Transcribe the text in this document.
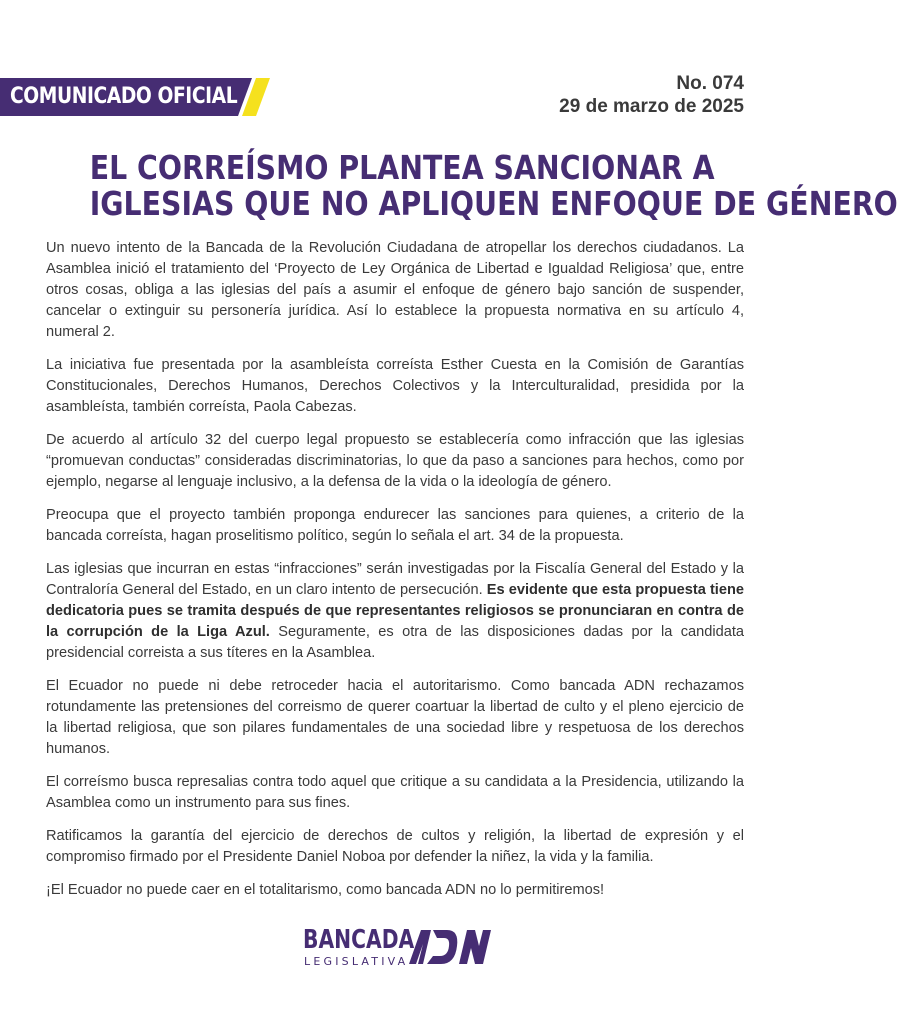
COMUNICADO OFICIAL
No. 074
29 de marzo de 2025
EL CORREÍSMO PLANTEA SANCIONAR A
IGLESIAS QUE NO APLIQUEN ENFOQUE DE GÉNERO

Un nuevo intento de la Bancada de la Revolución Ciudadana de atropellar los derechos ciudadanos. La Asamblea inició el tratamiento del ‘Proyecto de Ley Orgánica de Libertad e Igualdad Religiosa’ que, entre otros cosas, obliga a las iglesias del país a asumir el enfoque de género bajo sanción de suspender, cancelar o extinguir su personería jurídica. Así lo establece la propuesta normativa en su artículo 4, numeral 2.

La iniciativa fue presentada por la asambleísta correísta Esther Cuesta en la Comisión de Garantías Constitucionales, Derechos Humanos, Derechos Colectivos y la Interculturalidad, presidida por la asambleísta, también correísta, Paola Cabezas.

De acuerdo al artículo 32 del cuerpo legal propuesto se establecería como infracción que las iglesias “promuevan conductas” consideradas discriminatorias, lo que da paso a sanciones para hechos, como por ejemplo, negarse al lenguaje inclusivo, a la defensa de la vida o la ideología de género.

Preocupa que el proyecto también proponga endurecer las sanciones para quienes, a criterio de la bancada correísta, hagan proselitismo político, según lo señala el art. 34 de la propuesta.

Las iglesias que incurran en estas “infracciones” serán investigadas por la Fiscalía General del Estado y la Contraloría General del Estado, en un claro intento de persecución. Es evidente que esta propuesta tiene dedicatoria pues se tramita después de que representantes religiosos se pronunciaran en contra de la corrupción de la Liga Azul. Seguramente, es otra de las disposiciones dadas por la candidata presidencial correista a sus títeres en la Asamblea.

El Ecuador no puede ni debe retroceder hacia el autoritarismo. Como bancada ADN rechazamos rotundamente las pretensiones del correismo de querer coartuar la libertad de culto y el pleno ejercicio de la libertad religiosa, que son pilares fundamentales de una sociedad libre y respetuosa de los derechos humanos.

El correísmo busca represalias contra todo aquel que critique a su candidata a la Presidencia, utilizando la Asamblea como un instrumento para sus fines.

Ratificamos la garantía del ejercicio de derechos de cultos y religión, la libertad de expresión y el compromiso firmado por el Presidente Daniel Noboa por defender la niñez, la vida y la familia.

¡El Ecuador no puede caer en el totalitarismo, como bancada ADN no lo permitiremos!

BANCADA
LEGISLATIVA
